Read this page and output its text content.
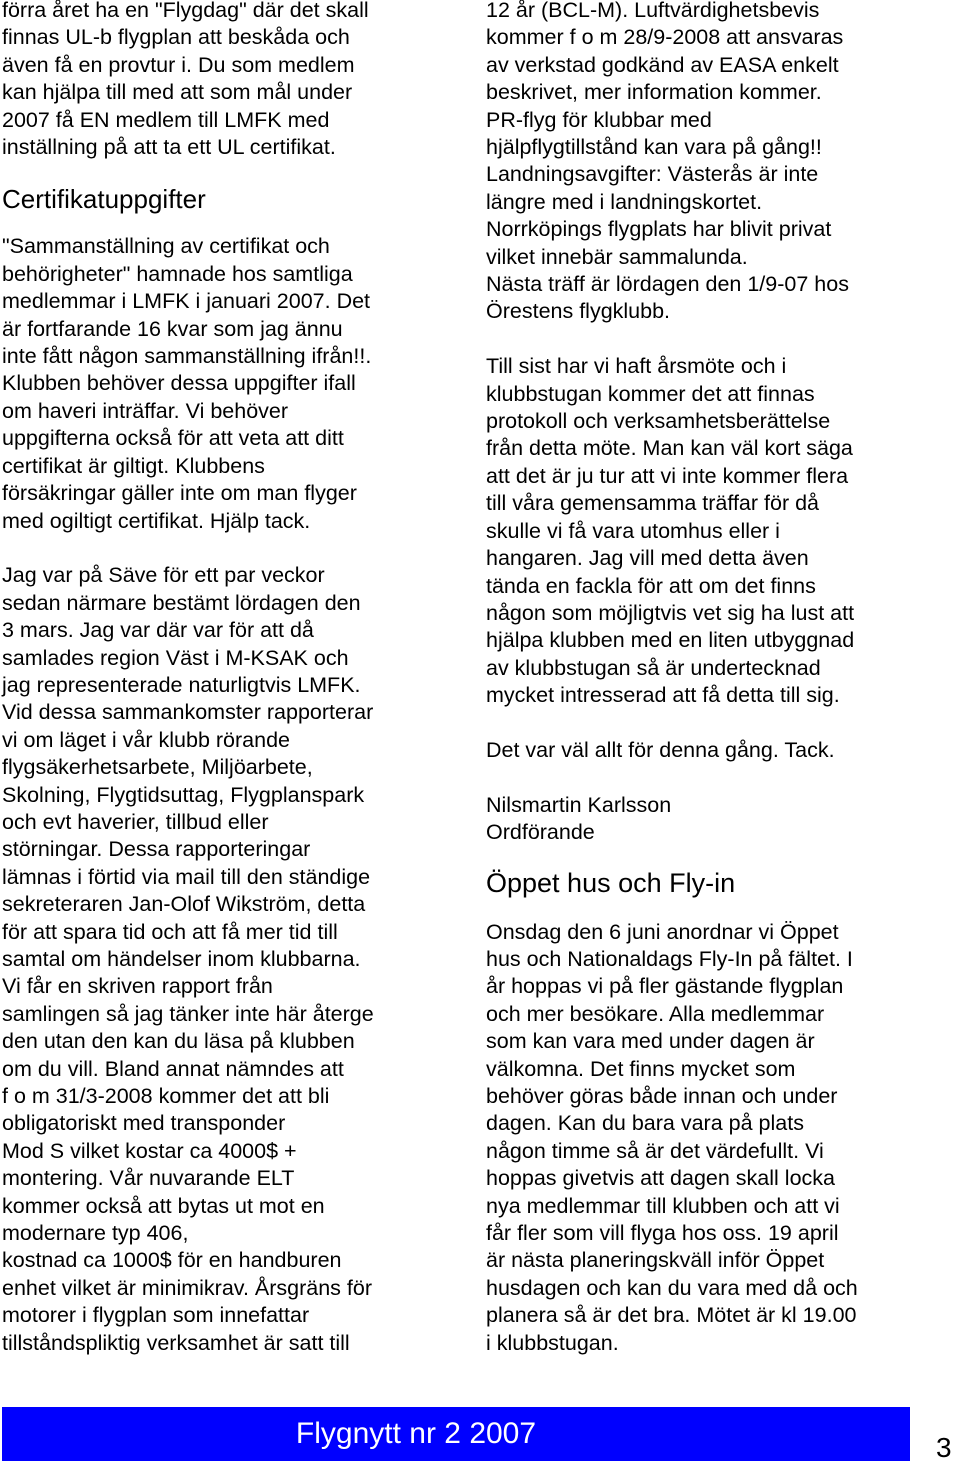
förra året ha en "Flygdag" där det skall
finnas UL-b flygplan att beskåda och
även få en provtur i. Du som medlem
kan hjälpa till med att som mål under
2007 få EN medlem till LMFK med
inställning på att ta ett UL certifikat.

Certifikatuppgifter

"Sammanställning av certifikat och
behörigheter" hamnade hos samtliga
medlemmar i LMFK i januari 2007. Det
är fortfarande 16 kvar som jag ännu
inte fått någon sammanställning ifrån!!.
Klubben behöver dessa uppgifter ifall
om haveri inträffar. Vi behöver
uppgifterna också för att veta att ditt
certifikat är giltigt. Klubbens
försäkringar gäller inte om man flyger
med ogiltigt certifikat. Hjälp tack.

Jag var på Säve för ett par veckor
sedan närmare bestämt lördagen den
3 mars. Jag var där var för att då
samlades region Väst i M-KSAK och
jag representerade naturligtvis LMFK.
Vid dessa sammankomster rapporterar
vi om läget i vår klubb rörande
flygsäkerhetsarbete, Miljöarbete,
Skolning, Flygtidsuttag, Flygplanspark
och evt haverier, tillbud eller
störningar. Dessa rapporteringar
lämnas i förtid via mail till den ständige
sekreteraren Jan-Olof Wikström, detta
för att spara tid och att få mer tid till
samtal om händelser inom klubbarna.
Vi får en skriven rapport från
samlingen så jag tänker inte här återge
den utan den kan du läsa på klubben
om du vill. Bland annat nämndes att
f o m 31/3-2008 kommer det att bli
obligatoriskt med transponder
Mod S vilket kostar ca 4000$ +
montering. Vår nuvarande ELT
kommer också att bytas ut mot en
modernare typ 406,
kostnad ca 1000$ för en handburen
enhet vilket är minimikrav. Årsgräns för
motorer i flygplan som innefattar
tillståndspliktig verksamhet är satt till

12 år (BCL-M). Luftvärdighetsbevis
kommer f o m 28/9-2008 att ansvaras
av verkstad godkänd av EASA enkelt
beskrivet, mer information kommer.
PR-flyg för klubbar med
hjälpflygtillstånd kan vara på gång!!
Landningsavgifter: Västerås är inte
längre med i landningskortet.
Norrköpings flygplats har blivit privat
vilket innebär sammalunda.
Nästa träff är lördagen den 1/9-07 hos
Örestens flygklubb.

Till sist har vi haft årsmöte och i
klubbstugan kommer det att finnas
protokoll och verksamhetsberättelse
från detta möte. Man kan väl kort säga
att det är ju tur att vi inte kommer flera
till våra gemensamma träffar för då
skulle vi få vara utomhus eller i
hangaren. Jag vill med detta även
tända en fackla för att om det finns
någon som möjligtvis vet sig ha lust att
hjälpa klubben med en liten utbyggnad
av klubbstugan så är undertecknad
mycket intresserad att få detta till sig.

Det var väl allt för denna gång. Tack.

Nilsmartin Karlsson

Ordförande

Öppet hus och Fly-in

Onsdag den 6 juni anordnar vi Öppet
hus och Nationaldags Fly-In på fältet. I
år hoppas vi på fler gästande flygplan
och mer besökare. Alla medlemmar
som kan vara med under dagen är
välkomna. Det finns mycket som
behöver göras både innan och under
dagen. Kan du bara vara på plats
någon timme så är det värdefullt. Vi
hoppas givetvis att dagen skall locka
nya medlemmar till klubben och att vi
får fler som vill flyga hos oss. 19 april
är nästa planeringskväll inför Öppet
husdagen och kan du vara med då och
planera så är det bra. Mötet är kl 19.00
i klubbstugan.

Flygnytt nr 2 2007	3
